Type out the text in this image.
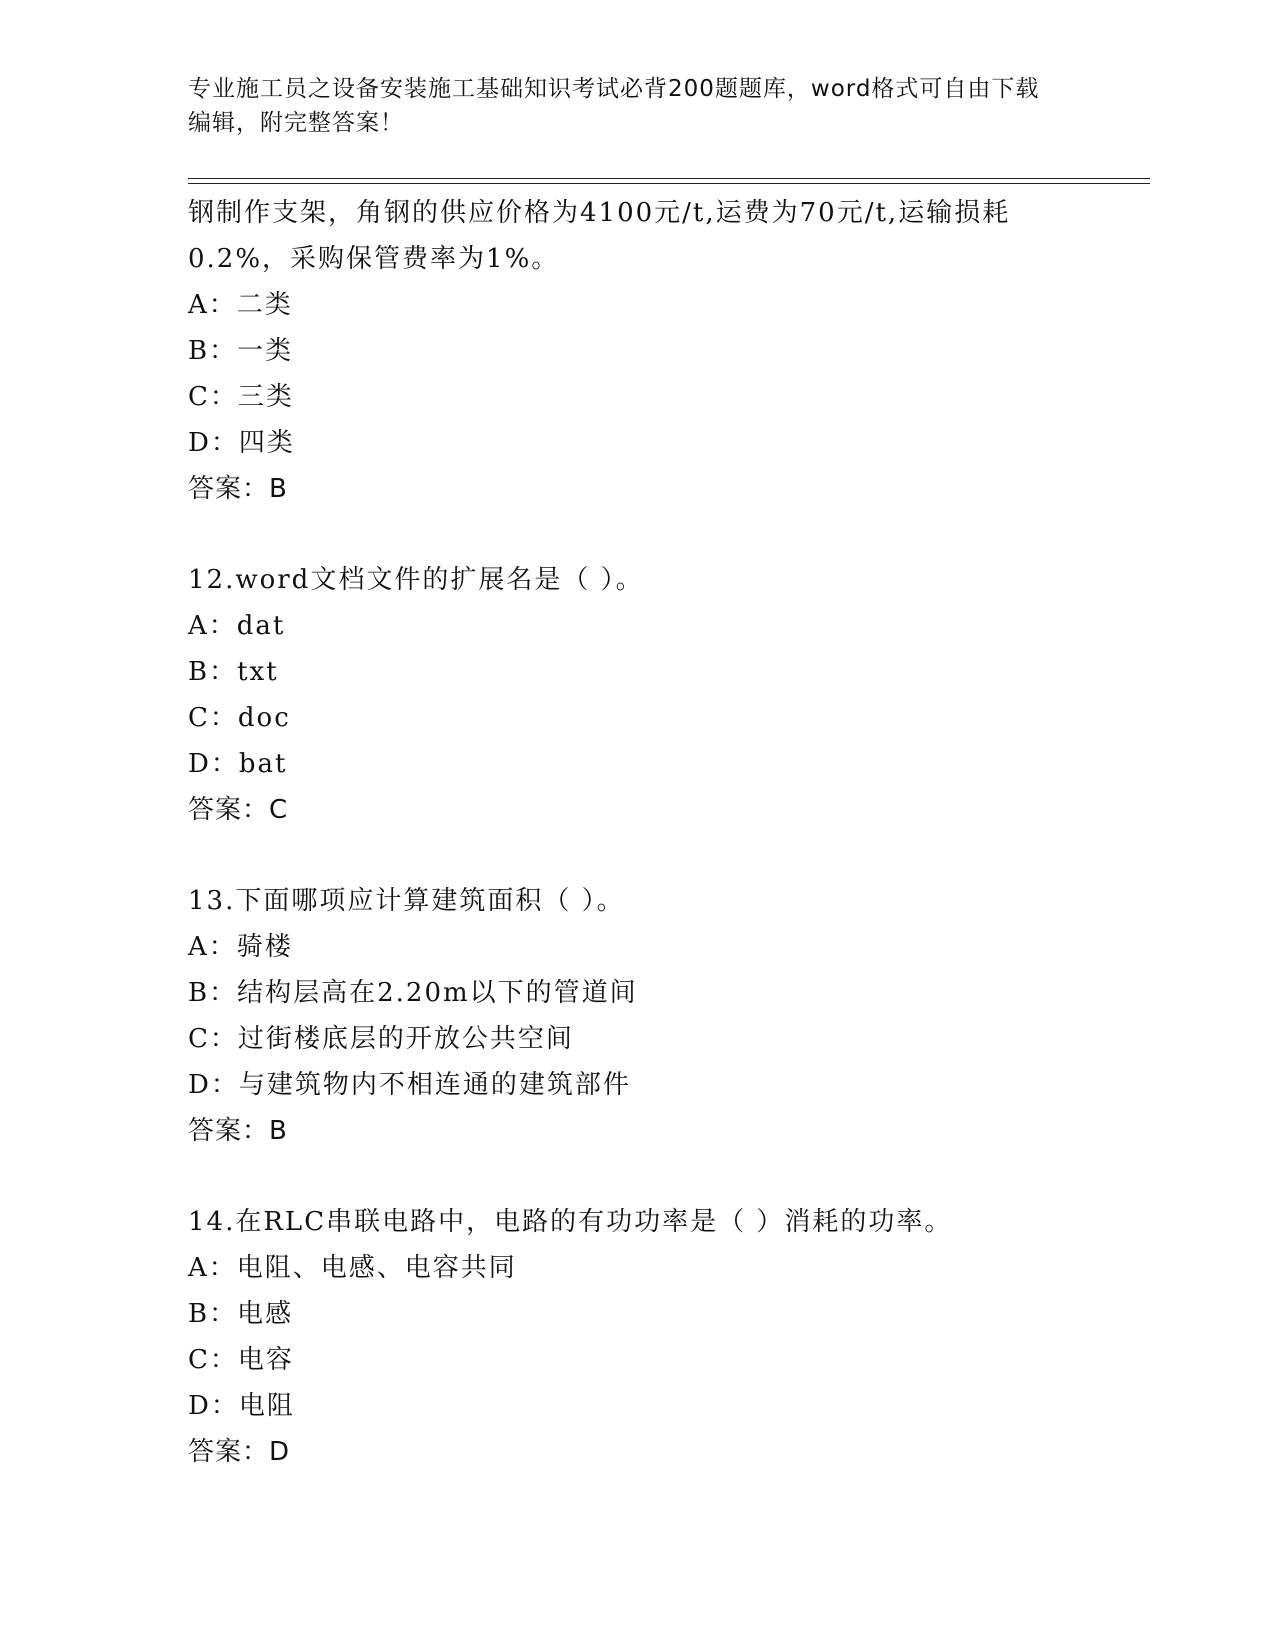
专业施工员之设备安装施工基础知识考试必背200题题库，word格式可自由下载
编辑，附完整答案！
钢制作支架，角钢的供应价格为4100元/t,运费为70元/t,运输损耗
0.2%，采购保管费率为1%。
A：二类
B：一类
C：三类
D：四类
答案：B
12.word文档文件的扩展名是（ ）。
A：dat
B：txt
C：doc
D：bat
答案：C
13.下面哪项应计算建筑面积（ ）。
A：骑楼
B：结构层高在2.20m以下的管道间
C：过街楼底层的开放公共空间
D：与建筑物内不相连通的建筑部件
答案：B
14.在RLC串联电路中，电路的有功功率是（ ）消耗的功率。
A：电阻、电感、电容共同
B：电感
C：电容
D：电阻
答案：D
